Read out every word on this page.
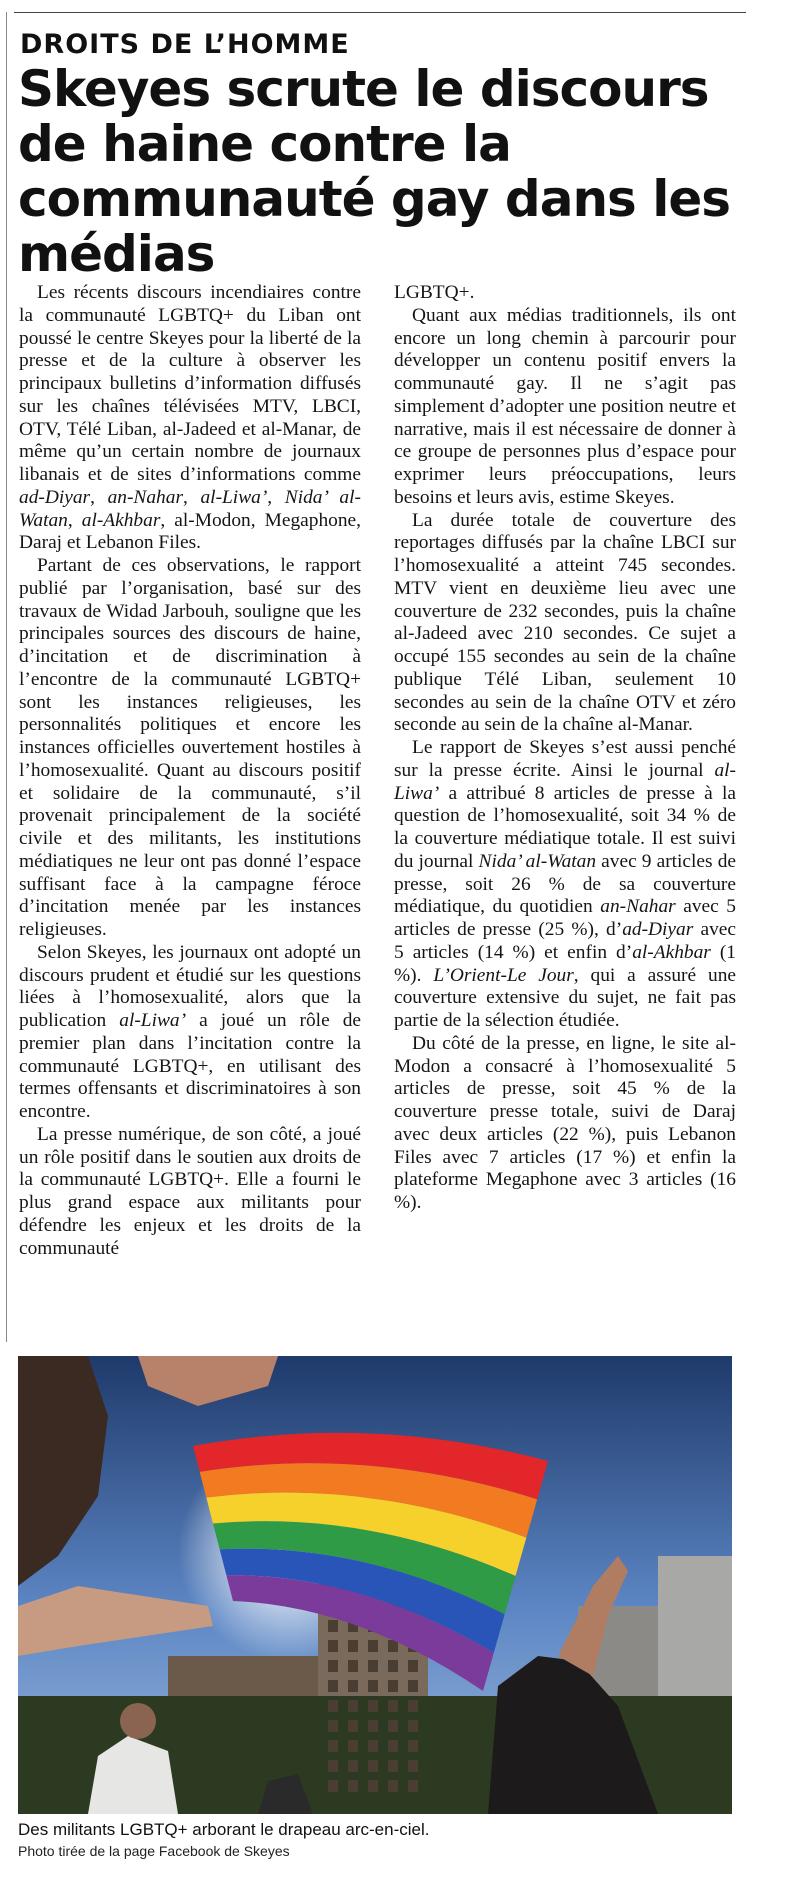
DROITS DE L’HOMME
Skeyes scrute le discours de haine contre la communauté gay dans les médias

Les récents discours incendiaires contre la communauté LGBTQ+ du Liban ont poussé le centre Skeyes pour la liberté de la presse et de la culture à observer les principaux bulletins d’information diffusés sur les chaînes télévisées MTV, LBCI, OTV, Télé Liban, al-Jadeed et al-Manar, de même qu’un certain nombre de journaux libanais et de sites d’informations comme ad-Diyar, an-Nahar, al-Liwa’, Nida’ al-Watan, al-Akhbar, al-Modon, Megaphone, Daraj et Lebanon Files.

Partant de ces observations, le rapport publié par l’organisation, basé sur des travaux de Widad Jarbouh, souligne que les principales sources des discours de haine, d’incitation et de discrimination à l’encontre de la communauté LGBTQ+ sont les instances religieuses, les personnalités politiques et encore les instances officielles ouvertement hostiles à l’homosexualité. Quant au discours positif et solidaire de la communauté, s’il provenait principalement de la société civile et des militants, les institutions médiatiques ne leur ont pas donné l’espace suffisant face à la campagne féroce d’incitation menée par les instances religieuses.

Selon Skeyes, les journaux ont adopté un discours prudent et étudié sur les questions liées à l’homosexualité, alors que la publication al-Liwa’ a joué un rôle de premier plan dans l’incitation contre la communauté LGBTQ+, en utilisant des termes offensants et discriminatoires à son encontre.

La presse numérique, de son côté, a joué un rôle positif dans le soutien aux droits de la communauté LGBTQ+. Elle a fourni le plus grand espace aux militants pour défendre les enjeux et les droits de la communauté

LGBTQ+.

Quant aux médias traditionnels, ils ont encore un long chemin à parcourir pour développer un contenu positif envers la communauté gay. Il ne s’agit pas simplement d’adopter une position neutre et narrative, mais il est nécessaire de donner à ce groupe de personnes plus d’espace pour exprimer leurs préoccupations, leurs besoins et leurs avis, estime Skeyes.

La durée totale de couverture des reportages diffusés par la chaîne LBCI sur l’homosexualité a atteint 745 secondes. MTV vient en deuxième lieu avec une couverture de 232 secondes, puis la chaîne al-Jadeed avec 210 secondes. Ce sujet a occupé 155 secondes au sein de la chaîne publique Télé Liban, seulement 10 secondes au sein de la chaîne OTV et zéro seconde au sein de la chaîne al-Manar.

Le rapport de Skeyes s’est aussi penché sur la presse écrite. Ainsi le journal al-Liwa’ a attribué 8 articles de presse à la question de l’homosexualité, soit 34 % de la couverture médiatique totale. Il est suivi du journal Nida’ al-Watan avec 9 articles de presse, soit 26 % de sa couverture médiatique, du quotidien an-Nahar avec 5 articles de presse (25 %), d’ad-Diyar avec 5 articles (14 %) et enfin d’al-Akhbar (1 %). L’Orient-Le Jour, qui a assuré une couverture extensive du sujet, ne fait pas partie de la sélection étudiée.

Du côté de la presse, en ligne, le site al-Modon a consacré à l’homosexualité 5 articles de presse, soit 45 % de la couverture presse totale, suivi de Daraj avec deux articles (22 %), puis Lebanon Files avec 7 articles (17 %) et enfin la plateforme Megaphone avec 3 articles (16 %).

Des militants LGBTQ+ arborant le drapeau arc-en-ciel.
Photo tirée de la page Facebook de Skeyes
